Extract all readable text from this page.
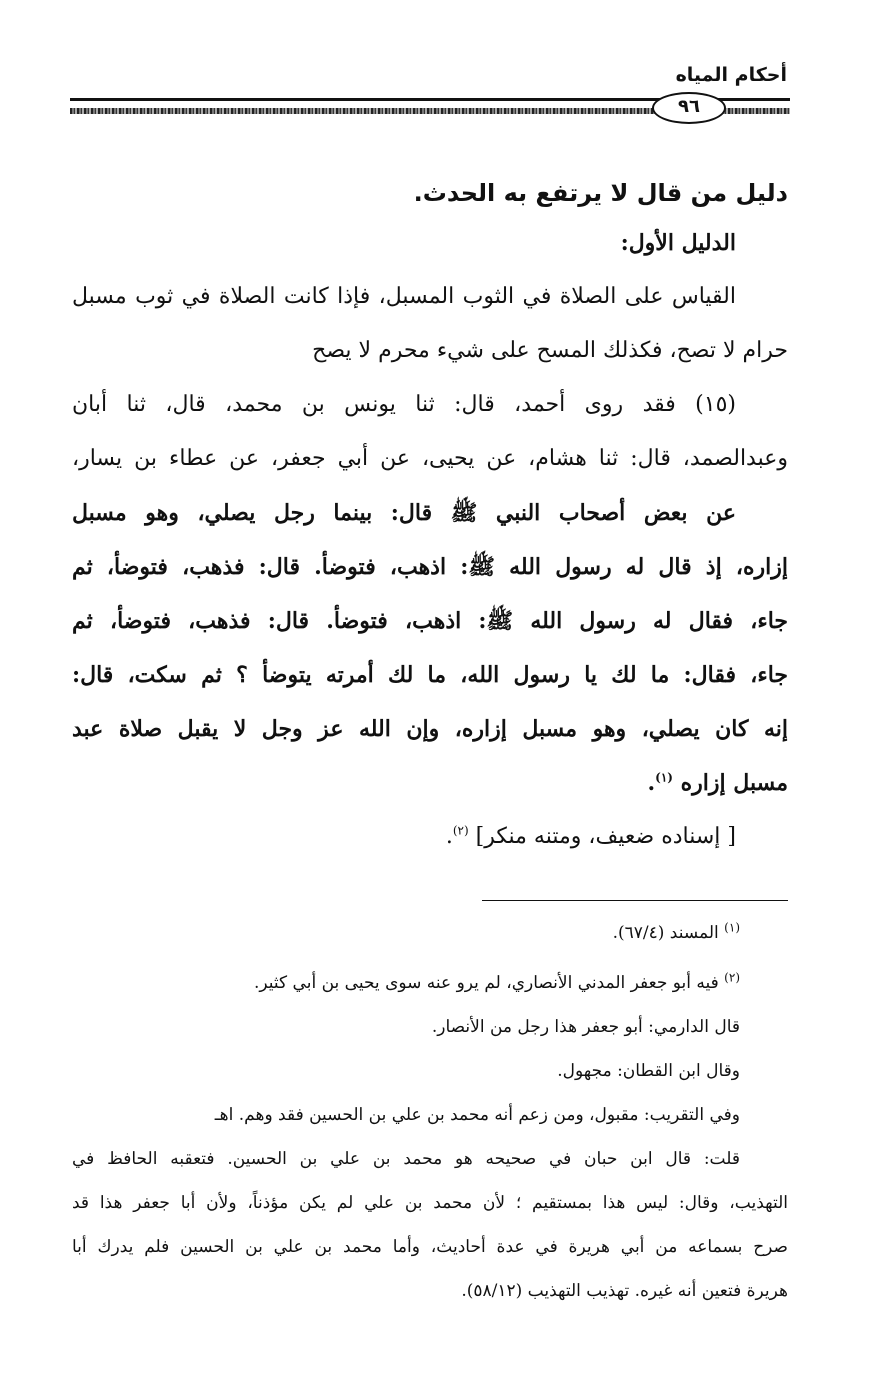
أحكام المياه
٩٦
دليل من قال لا يرتفع به الحدث.
الدليل الأول:
القياس على الصلاة في الثوب المسبل، فإذا كانت الصلاة في ثوب مسبل
حرام لا تصح، فكذلك المسح على شيء محرم لا يصح
(١٥) فقد روى أحمد، قال: ثنا يونس بن محمد، قال، ثنا أبان
وعبدالصمد، قال: ثنا هشام، عن يحيى، عن أبي جعفر، عن عطاء بن يسار،
عن بعض أصحاب النبي ﷺ قال: بينما رجل يصلي، وهو مسبل
إزاره، إذ قال له رسول الله ﷺ: اذهب، فتوضأ. قال: فذهب، فتوضأ، ثم
جاء، فقال له رسول الله ﷺ: اذهب، فتوضأ. قال: فذهب، فتوضأ، ثم
جاء، فقال: ما لك يا رسول الله، ما لك أمرته يتوضأ ؟ ثم سكت، قال:
إنه كان يصلي، وهو مسبل إزاره، وإن الله عز وجل لا يقبل صلاة عبد
مسبل إزاره $^{(١)}$.
[ إسناده ضعيف، ومتنه منكر] $^{(٢)}$.
$^{(١)}$ المسند (٦٧/٤).
$^{(٢)}$ فيه أبو جعفر المدني الأنصاري، لم يرو عنه سوى يحيى بن أبي كثير.
قال الدارمي: أبو جعفر هذا رجل من الأنصار.
وقال ابن القطان: مجهول.
وفي التقريب: مقبول، ومن زعم أنه محمد بن علي بن الحسين فقد وهم. اهـ
قلت: قال ابن حبان في صحيحه هو محمد بن علي بن الحسين. فتعقبه الحافظ في
التهذيب، وقال: ليس هذا بمستقيم ؛ لأن محمد بن علي لم يكن مؤذناً، ولأن أبا جعفر هذا قد
صرح بسماعه من أبي هريرة في عدة أحاديث، وأما محمد بن علي بن الحسين فلم يدرك أبا
هريرة فتعين أنه غيره. تهذيب التهذيب (٥٨/١٢).
